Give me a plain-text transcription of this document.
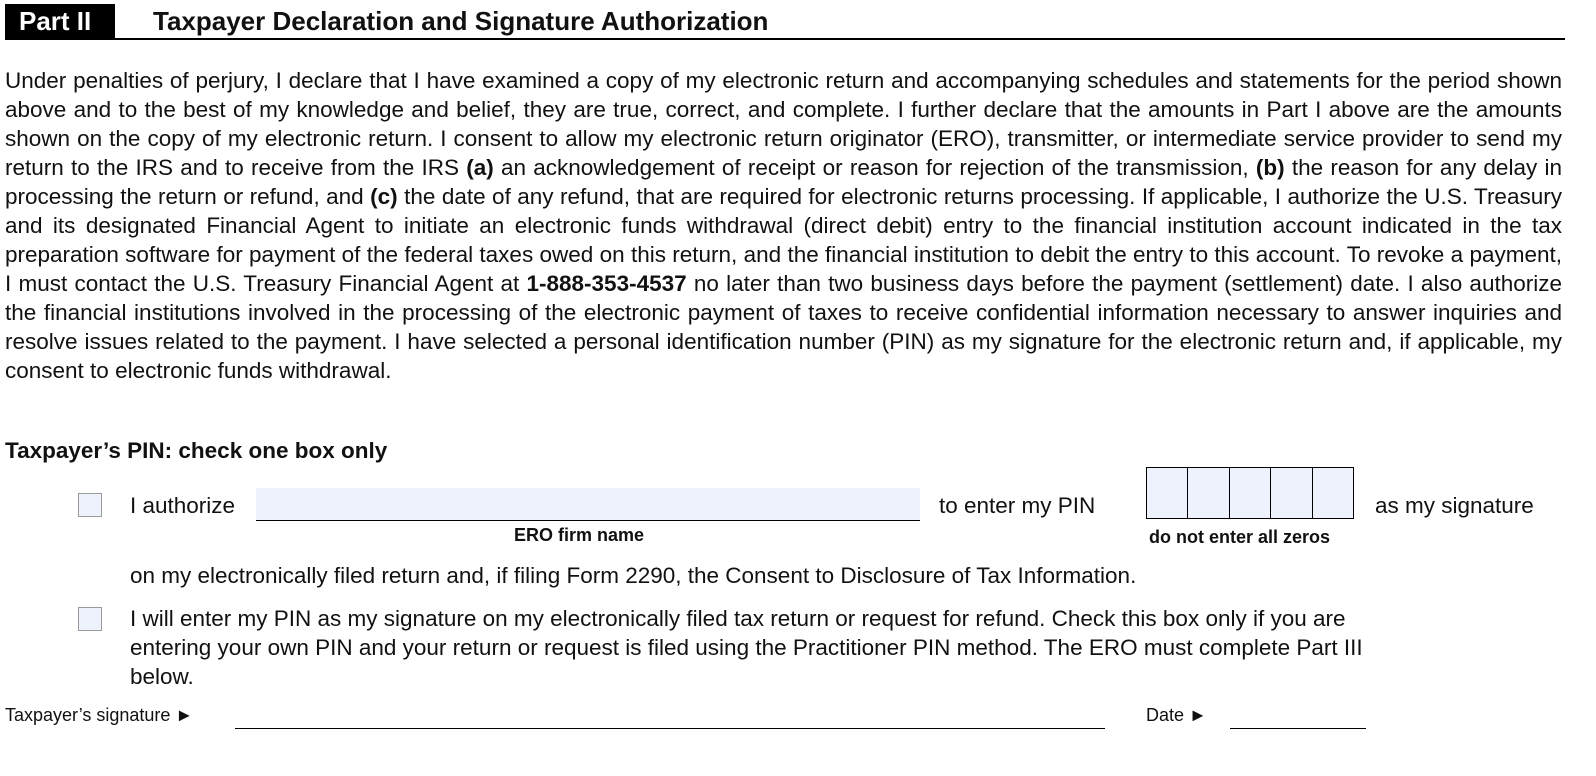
Part II	Taxpayer Declaration and Signature Authorization

Under penalties of perjury, I declare that I have examined a copy of my electronic return and accompanying schedules and statements for the period shown above and to the best of my knowledge and belief, they are true, correct, and complete. I further declare that the amounts in Part I above are the amounts shown on the copy of my electronic return. I consent to allow my electronic return originator (ERO), transmitter, or intermediate service provider to send my return to the IRS and to receive from the IRS (a) an acknowledgement of receipt or reason for rejection of the transmission, (b) the reason for any delay in processing the return or refund, and (c) the date of any refund, that are required for electronic returns processing. If applicable, I authorize the U.S. Treasury and its designated Financial Agent to initiate an electronic funds withdrawal (direct debit) entry to the financial institution account indicated in the tax preparation software for payment of the federal taxes owed on this return, and the financial institution to debit the entry to this account. To revoke a payment, I must contact the U.S. Treasury Financial Agent at 1-888-353-4537 no later than two business days before the payment (settlement) date. I also authorize the financial institutions involved in the processing of the electronic payment of taxes to receive confidential information necessary to answer inquiries and resolve issues related to the payment. I have selected a personal identification number (PIN) as my signature for the electronic return and, if applicable, my consent to electronic funds withdrawal.

Taxpayer’s PIN: check one box only
I authorize
ERO firm name
to enter my PIN
do not enter all zeros
as my signature
on my electronically filed return and, if filing Form 2290, the Consent to Disclosure of Tax Information.
I will enter my PIN as my signature on my electronically filed tax return or request for refund. Check this box only if you are entering your own PIN and your return or request is filed using the Practitioner PIN method. The ERO must complete Part III below.
Taxpayer’s signature ►	Date ►
